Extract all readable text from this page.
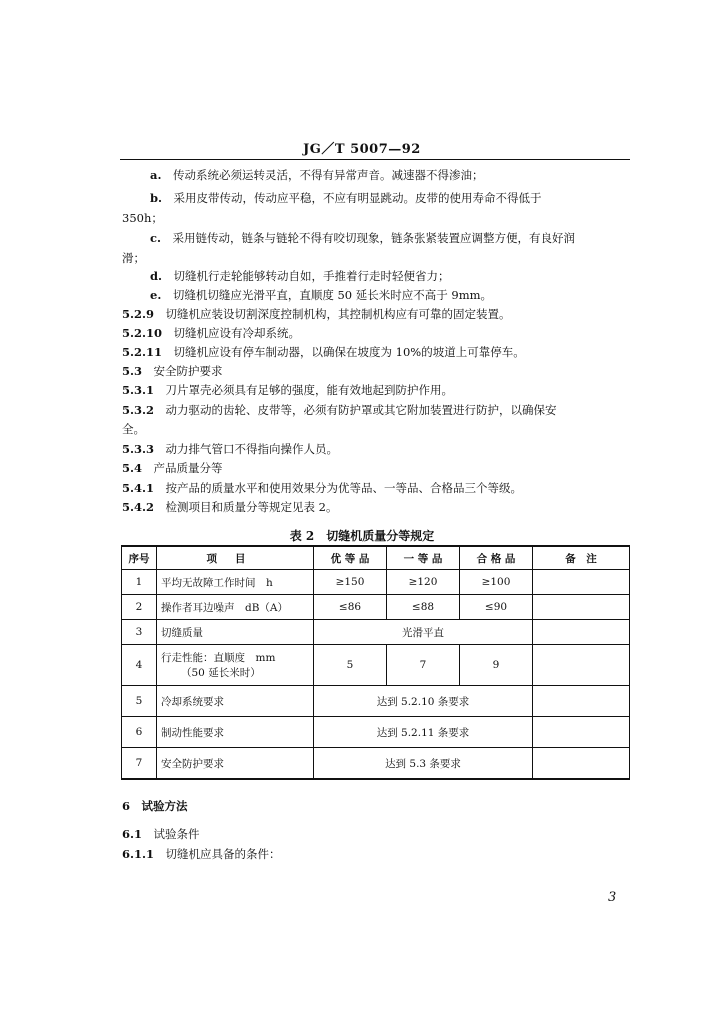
JG／T 5007—92
a.　 传动系统必须运转灵活，不得有异常声音。减速器不得渗油；
b.　 采用皮带传动，传动应平稳，不应有明显跳动。皮带的使用寿命不得低于
350h；
c.　 采用链传动，链条与链轮不得有咬切现象，链条张紧装置应调整方便，有良好润
滑；
d.　 切缝机行走轮能够转动自如，手推着行走时轻便省力；
e.　 切缝机切缝应光滑平直，直顺度 50 延长米时应不高于 9mm。
5.2.9　 切缝机应装设切割深度控制机构，其控制机构应有可靠的固定装置。
5.2.10　 切缝机应设有冷却系统。
5.2.11　 切缝机应设有停车制动器，以确保在坡度为 10%的坡道上可靠停车。
5.3　 安全防护要求
5.3.1　 刀片罩壳必须具有足够的强度，能有效地起到防护作用。
5.3.2　 动力驱动的齿轮、皮带等，必须有防护罩或其它附加装置进行防护，以确保安
全。
5.3.3　 动力排气管口不得指向操作人员。
5.4　 产品质量分等
5.4.1　 按产品的质量水平和使用效果分为优等品、一等品、合格品三个等级。
5.4.2　 检测项目和质量分等规定见表 2。
表 2　切缝机质量分等规定
序号	项目	优 等 品	一 等 品	合 格 品	备　注
1	平均无故障工作时间　h	≥150	≥120	≥100	
2	操作者耳边噪声　dB（A）	≤86	≤88	≤90	
3	切缝质量	光滑平直			
4	行走性能：直顺度　mm
（50 延长米时）	5	7	9	
5	冷却系统要求	达到 5.2.10 条要求			
6	制动性能要求	达到 5.2.11 条要求			
7	安全防护要求	达到 5.3 条要求			
6　 试验方法
6.1　 试验条件
6.1.1　 切缝机应具备的条件：
3
